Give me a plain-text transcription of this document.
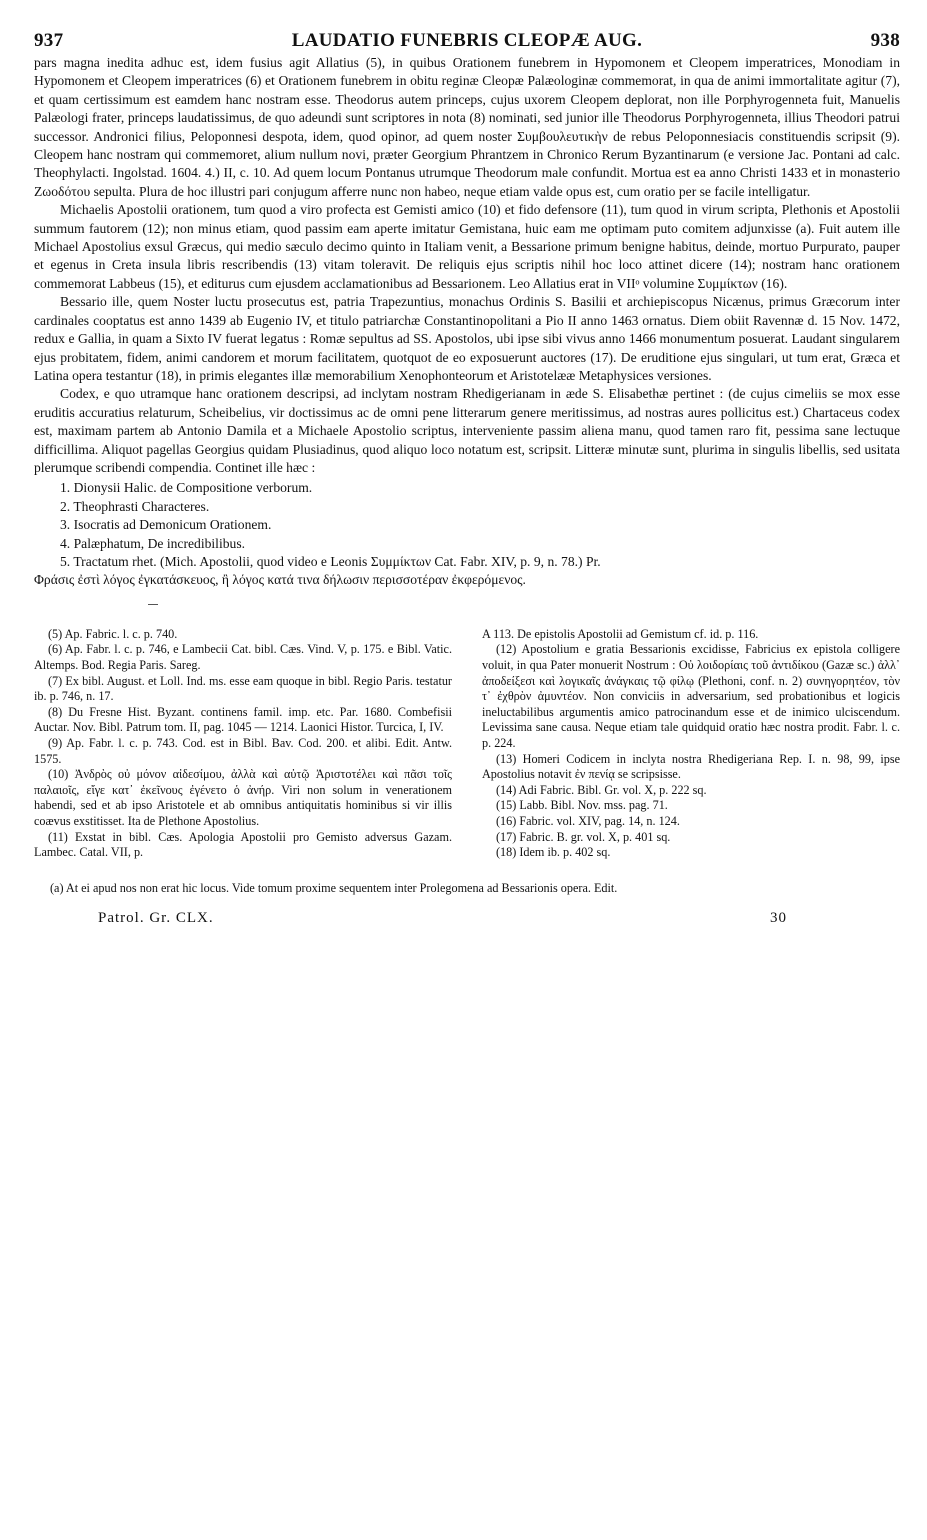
937	LAUDATIO FUNEBRIS CLEOPÆ AUG.	938

pars magna inedita adhuc est, idem fusius agit Allatius (5), in quibus Orationem funebrem in Hypomonem et Cleopem imperatrices, Monodiam in Hypomonem et Cleopem imperatrices (6) et Orationem funebrem in obitu reginæ Cleopæ Palæologinæ commemorat, in qua de animi immortalitate agitur (7), et quam certissimum est eamdem hanc nostram esse. Theodorus autem princeps, cujus uxorem Cleopem deplorat, non ille Porphyrogenneta fuit, Manuelis Palæologi frater, princeps laudatissimus, de quo adeundi sunt scriptores in nota (8) nominati, sed junior ille Theodorus Porphyrogenneta, illius Theodori patrui successor. Andronici filius, Peloponnesi despota, idem, quod opinor, ad quem noster Συμβουλευτικὴν de rebus Peloponnesiacis constituendis scripsit (9). Cleopem hanc nostram qui commemoret, alium nullum novi, præter Georgium Phrantzem in Chronico Rerum Byzantinarum (e versione Jac. Pontani ad calc. Theophylacti. Ingolstad. 1604. 4.) II, c. 10. Ad quem locum Pontanus utrumque Theodorum male confundit. Mortua est ea anno Christi 1433 et in monasterio Ζωοδότου sepulta. Plura de hoc illustri pari conjugum afferre nunc non habeo, neque etiam valde opus est, cum oratio per se facile intelligatur.

Michaelis Apostolii orationem, tum quod a viro profecta est Gemisti amico (10) et fido defensore (11), tum quod in virum scripta, Plethonis et Apostolii summum fautorem (12); non minus etiam, quod passim eam aperte imitatur Gemistana, huic eam me optimam puto comitem adjunxisse (a). Fuit autem ille Michael Apostolius exsul Græcus, qui medio sæculo decimo quinto in Italiam venit, a Bessarione primum benigne habitus, deinde, mortuo Purpurato, pauper et egenus in Creta insula libris rescribendis (13) vitam toleravit. De reliquis ejus scriptis nihil hoc loco attinet dicere (14); nostram hanc orationem commemorat Labbeus (15), et editurus cum ejusdem acclamationibus ad Bessarionem. Leo Allatius erat in VIIᵒ volumine Συμμίκτων (16).

Bessario ille, quem Noster luctu prosecutus est, patria Trapezuntius, monachus Ordinis S. Basilii et archiepiscopus Nicænus, primus Græcorum inter cardinales cooptatus est anno 1439 ab Eugenio IV, et titulo patriarchæ Constantinopolitani a Pio II anno 1463 ornatus. Diem obiit Ravennæ d. 15 Nov. 1472, redux e Gallia, in quam a Sixto IV fuerat legatus : Romæ sepultus ad SS. Apostolos, ubi ipse sibi vivus anno 1466 monumentum posuerat. Laudant singularem ejus probitatem, fidem, animi candorem et morum facilitatem, quotquot de eo exposuerunt auctores (17). De eruditione ejus singulari, ut tum erat, Græca et Latina opera testantur (18), in primis elegantes illæ memorabilium Xenophonteorum et Aristotelææ Metaphysices versiones.

Codex, e quo utramque hanc orationem descripsi, ad inclytam nostram Rhedigerianam in æde S. Elisabethæ pertinet : (de cujus cimeliis se mox esse eruditis accuratius relaturum, Scheibelius, vir doctissimus ac de omni pene litterarum genere meritissimus, ad nostras aures pollicitus est.) Chartaceus codex est, maximam partem ab Antonio Damila et a Michaele Apostolio scriptus, interveniente passim aliena manu, quod tamen raro fit, pessima sane lectuque difficillima. Aliquot pagellas Georgius quidam Plusiadinus, quod aliquo loco notatum est, scripsit. Litteræ minutæ sunt, plurima in singulis libellis, sed usitata plerumque scribendi compendia. Continet ille hæc :

1. Dionysii Halic. de Compositione verborum.
2. Theophrasti Characteres.
3. Isocratis ad Demonicum Orationem.
4. Palæphatum, De incredibilibus.
5. Tractatum rhet. (Mich. Apostolii, quod video e Leonis Συμμίκτων Cat. Fabr. XIV, p. 9, n. 78.) Pr.
Φράσις ἐστὶ λόγος ἐγκατάσκευος, ἢ λόγος κατά τινα δήλωσιν περισσοτέραν ἐκφερόμενος.

(5) Ap. Fabric. l. c. p. 740.

(6) Ap. Fabr. l. c. p. 746, e Lambecii Cat. bibl. Cæs. Vind. V, p. 175. e Bibl. Vatic. Altemps. Bod. Regia Paris. Sareg.

(7) Ex bibl. August. et Loll. Ind. ms. esse eam quoque in bibl. Regio Paris. testatur ib. p. 746, n. 17.

(8) Du Fresne Hist. Byzant. continens famil. imp. etc. Par. 1680. Combefisii Auctar. Nov. Bibl. Patrum tom. II, pag. 1045 — 1214. Laonici Histor. Turcica, I, IV.

(9) Ap. Fabr. l. c. p. 743. Cod. est in Bibl. Bav. Cod. 200. et alibi. Edit. Antw. 1575.

(10) Ἀνδρὸς οὐ μόνον αἰδεσίμου, ἀλλὰ καὶ αὐτῷ Ἀριστοτέλει καὶ πᾶσι τοῖς παλαιοῖς, εἴγε κατ᾽ ἐκεῖνους ἐγένετο ὁ ἀνήρ. Viri non solum in venerationem habendi, sed et ab ipso Aristotele et ab omnibus antiquitatis hominibus si vir illis coævus exstitisset. Ita de Plethone Apostolius.

(11) Exstat in bibl. Cæs. Apologia Apostolii pro Gemisto adversus Gazam. Lambec. Catal. VII, p.

A 113. De epistolis Apostolii ad Gemistum cf. id. p. 116.

(12) Apostolium e gratia Bessarionis excidisse, Fabricius ex epistola colligere voluit, in qua Pater monuerit Nostrum : Οὐ λοιδορίαις τοῦ ἀντιδίκου (Gazæ sc.) ἀλλ᾽ ἀποδείξεσι καὶ λογικαῖς ἀνάγκαις τῷ φίλῳ (Plethoni, conf. n. 2) συνηγορητέον, τὸν τ᾽ ἐχθρὸν ἀμυντέον. Non conviciis in adversarium, sed probationibus et logicis ineluctabilibus argumentis amico patrocinandum esse et de inimico ulciscendum. Levissima sane causa. Neque etiam tale quidquid oratio hæc nostra prodit. Fabr. l. c. p. 224.

(13) Homeri Codicem in inclyta nostra Rhedigeriana Rep. I. n. 98, 99, ipse Apostolius notavit ἐν πενίᾳ se scripsisse.

(14) Adi Fabric. Bibl. Gr. vol. X, p. 222 sq.

(15) Labb. Bibl. Nov. mss. pag. 71.

(16) Fabric. vol. XIV, pag. 14, n. 124.

(17) Fabric. B. gr. vol. X, p. 401 sq.

(18) Idem ib. p. 402 sq.

(a) At ei apud nos non erat hic locus. Vide tomum proxime sequentem inter Prolegomena ad Bessarionis opera. Edit.
Patrol. Gr. CLX.	30
